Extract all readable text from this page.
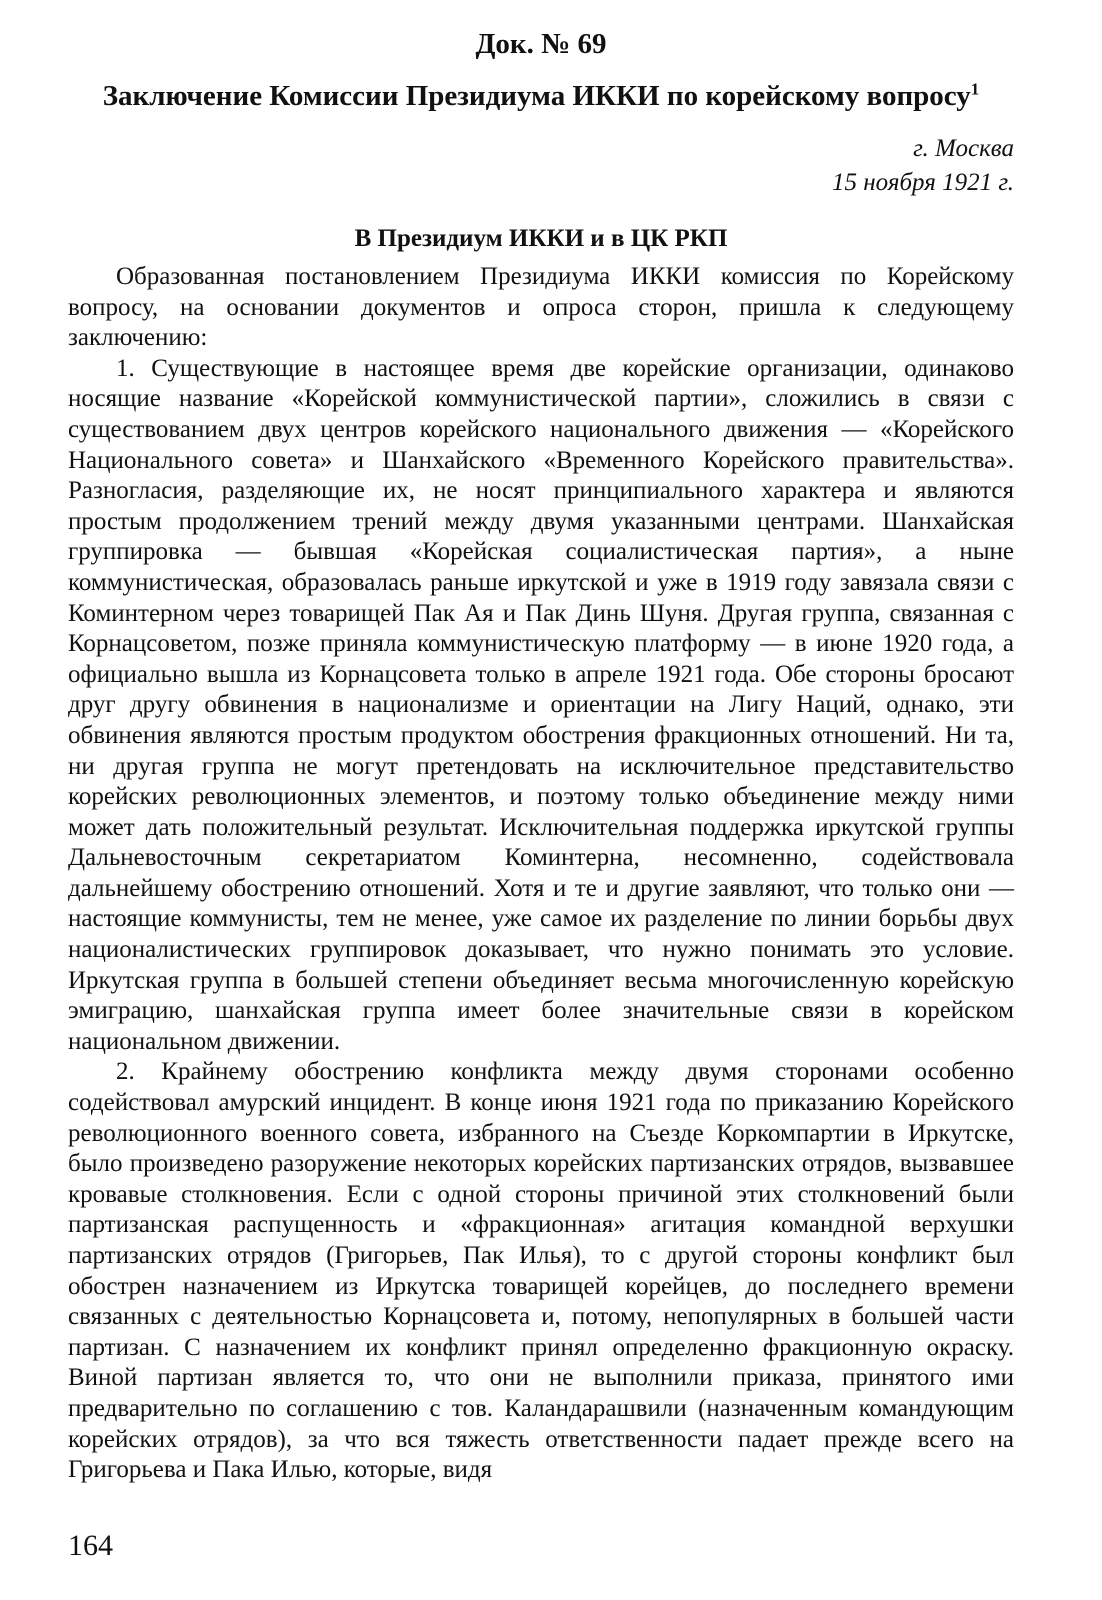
Док. № 69
Заключение Комиссии Президиума ИККИ по корейскому вопросу$^1$
г. Москва
15 ноября 1921 г.
В Президиум ИККИ и в ЦК РКП

Образованная постановлением Президиума ИККИ комиссия по Корейскому вопросу, на основании документов и опроса сторон, пришла к следующему заключению:

1. Существующие в настоящее время две корейские организации, одинаково носящие название «Корейской коммунистической партии», сложились в связи с существованием двух центров корейского национального движения — «Корейского Национального совета» и Шанхайского «Временного Корейского правительства». Разногласия, разделяющие их, не носят принципиального характера и являются простым продолжением трений между двумя указанными центрами. Шанхайская группировка — бывшая «Корейская социалистическая партия», а ныне коммунистическая, образовалась раньше иркутской и уже в 1919 году завязала связи с Коминтерном через товарищей Пак Ая и Пак Динь Шуня. Другая группа, связанная с Корнацсоветом, позже приняла коммунистическую платформу — в июне 1920 года, а официально вышла из Корнацсовета только в апреле 1921 года. Обе стороны бросают друг другу обвинения в национализме и ориентации на Лигу Наций, однако, эти обвинения являются простым продуктом обострения фракционных отношений. Ни та, ни другая группа не могут претендовать на исключительное представительство корейских революционных элементов, и поэтому только объединение между ними может дать положительный результат. Исключительная поддержка иркутской группы Дальневосточным секретариатом Коминтерна, несомненно, содействовала дальнейшему обострению отношений. Хотя и те и другие заявляют, что только они — настоящие коммунисты, тем не менее, уже самое их разделение по линии борьбы двух националистических группировок доказывает, что нужно понимать это условие. Иркутская группа в большей степени объединяет весьма многочисленную корейскую эмиграцию, шанхайская группа имеет более значительные связи в корейском национальном движении.

2. Крайнему обострению конфликта между двумя сторонами особенно содействовал амурский инцидент. В конце июня 1921 года по приказанию Корейского революционного военного совета, избранного на Съезде Коркомпартии в Иркутске, было произведено разоружение некоторых корейских партизанских отрядов, вызвавшее кровавые столкновения. Если с одной стороны причиной этих столкновений были партизанская распущенность и «фракционная» агитация командной верхушки партизанских отрядов (Григорьев, Пак Илья), то с другой стороны конфликт был обострен назначением из Иркутска товарищей корейцев, до последнего времени связанных с деятельностью Корнацсовета и, потому, непопулярных в большей части партизан. С назначением их конфликт принял определенно фракционную окраску. Виной партизан является то, что они не выполнили приказа, принятого ими предварительно по соглашению с тов. Каландарашвили (назначенным командующим корейских отрядов), за что вся тяжесть ответственности падает прежде всего на Григорьева и Пака Илью, которые, видя

164
